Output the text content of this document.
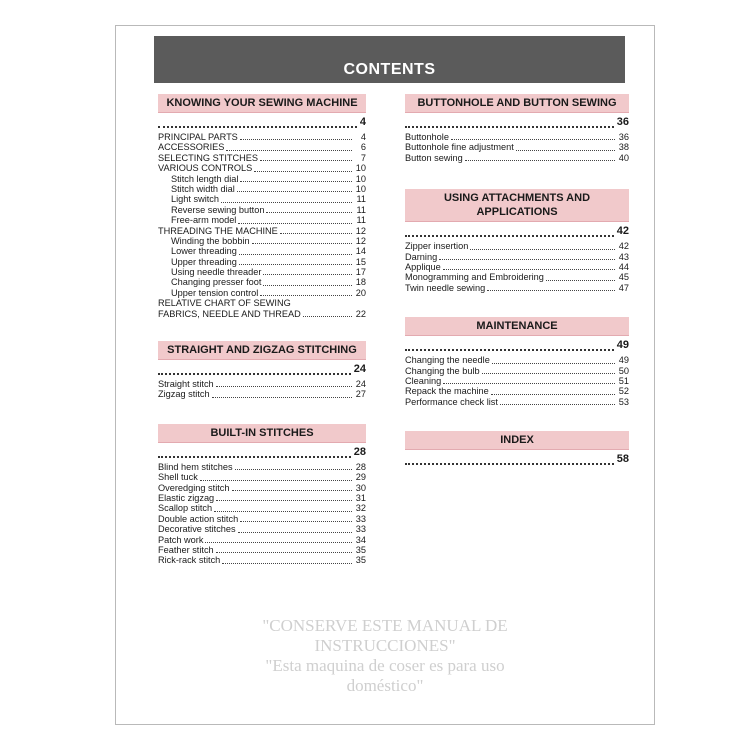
"CONSERVE ESTE MANUAL DE
INSTRUCCIONES"
"Esta maquina de coser es para uso
doméstico"
CONTENTS
KNOWING YOUR SEWING MACHINE
4
PRINCIPAL PARTS	4
ACCESSORIES	6
SELECTING STITCHES	7
VARIOUS CONTROLS	10
Stitch length dial	10
Stitch width dial	10
Light switch	11
Reverse sewing button	11
Free-arm model	11
THREADING THE MACHINE	12
Winding the bobbin	12
Lower threading	14
Upper threading	15
Using needle threader	17
Changing presser foot	18
Upper tension control	20
RELATIVE CHART OF SEWING
FABRICS, NEEDLE AND THREAD	22
STRAIGHT AND ZIGZAG STITCHING
24
Straight stitch	24
Zigzag stitch	27
BUILT-IN STITCHES
28
Blind hem stitches	28
Shell tuck	29
Overedging stitch	30
Elastic zigzag	31
Scallop stitch	32
Double action stitch	33
Decorative stitches	33
Patch work	34
Feather stitch	35
Rick-rack stitch	35
BUTTONHOLE AND BUTTON SEWING
36
Buttonhole	36
Buttonhole fine adjustment	38
Button sewing	40
USING ATTACHMENTS AND APPLICATIONS
42
Zipper insertion	42
Darning	43
Applique	44
Monogramming and Embroidering	45
Twin needle sewing	47
MAINTENANCE
49
Changing the needle	49
Changing the bulb	50
Cleaning	51
Repack the machine	52
Performance check list	53
INDEX
58
